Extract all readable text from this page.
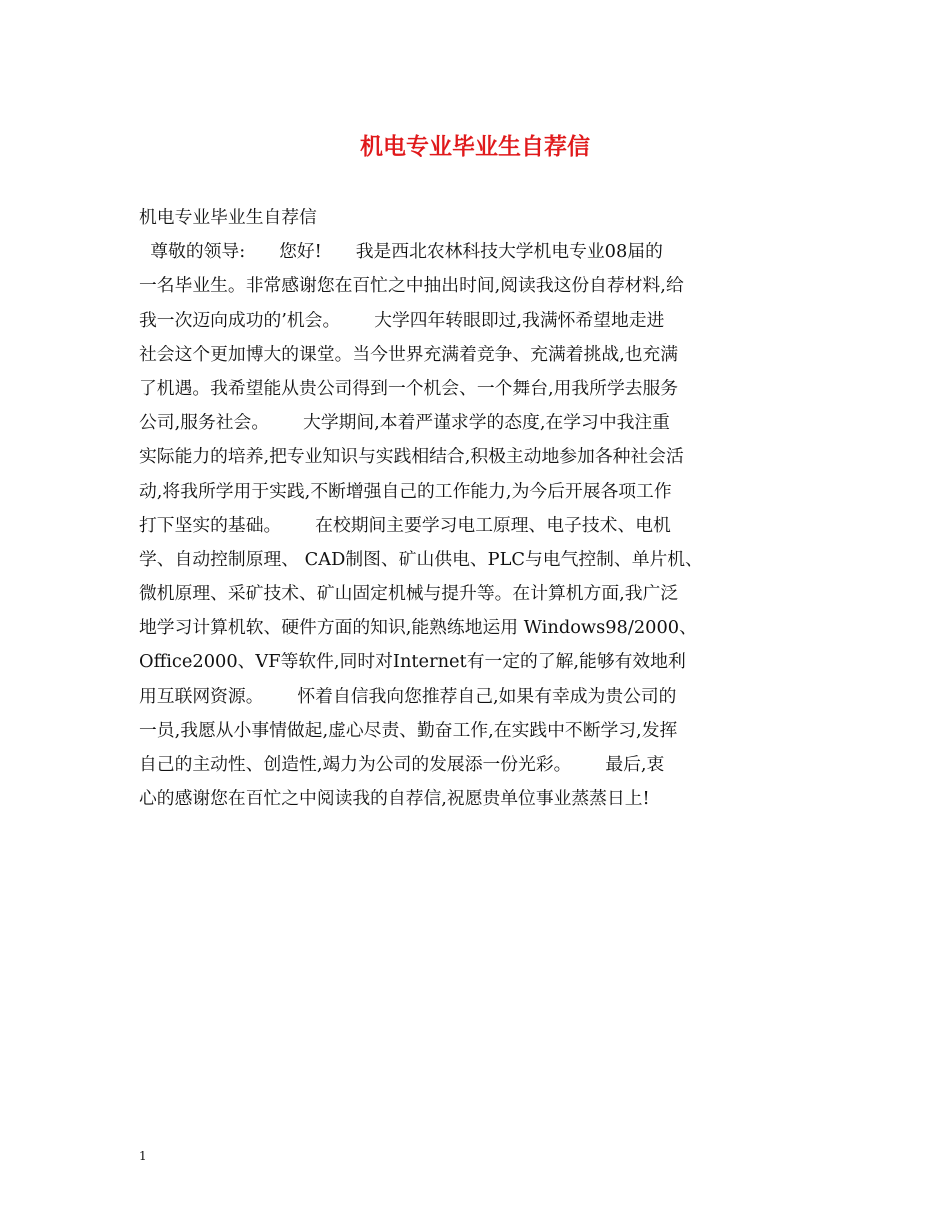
机电专业毕业生自荐信
机电专业毕业生自荐信
尊敬的领导:      您好!      我是西北农林科技大学机电专业08届的
一名毕业生。非常感谢您在百忙之中抽出时间,阅读我这份自荐材料,给
我一次迈向成功的’机会。      大学四年转眼即过,我满怀希望地走进
社会这个更加博大的课堂。当今世界充满着竞争、充满着挑战,也充满
了机遇。我希望能从贵公司得到一个机会、一个舞台,用我所学去服务
公司,服务社会。      大学期间,本着严谨求学的态度,在学习中我注重
实际能力的培养,把专业知识与实践相结合,积极主动地参加各种社会活
动,将我所学用于实践,不断增强自己的工作能力,为今后开展各项工作
打下坚实的基础。      在校期间主要学习电工原理、电子技术、电机
学、自动控制原理、 CAD制图、矿山供电、PLC与电气控制、单片机、
微机原理、采矿技术、矿山固定机械与提升等。在计算机方面,我广泛
地学习计算机软、硬件方面的知识,能熟练地运用 Windows98/2000、
Office2000、VF等软件,同时对Internet有一定的了解,能够有效地利
用互联网资源。      怀着自信我向您推荐自己,如果有幸成为贵公司的
一员,我愿从小事情做起,虚心尽责、勤奋工作,在实践中不断学习,发挥
自己的主动性、创造性,竭力为公司的发展添一份光彩。      最后,衷
心的感谢您在百忙之中阅读我的自荐信,祝愿贵单位事业蒸蒸日上!
1
